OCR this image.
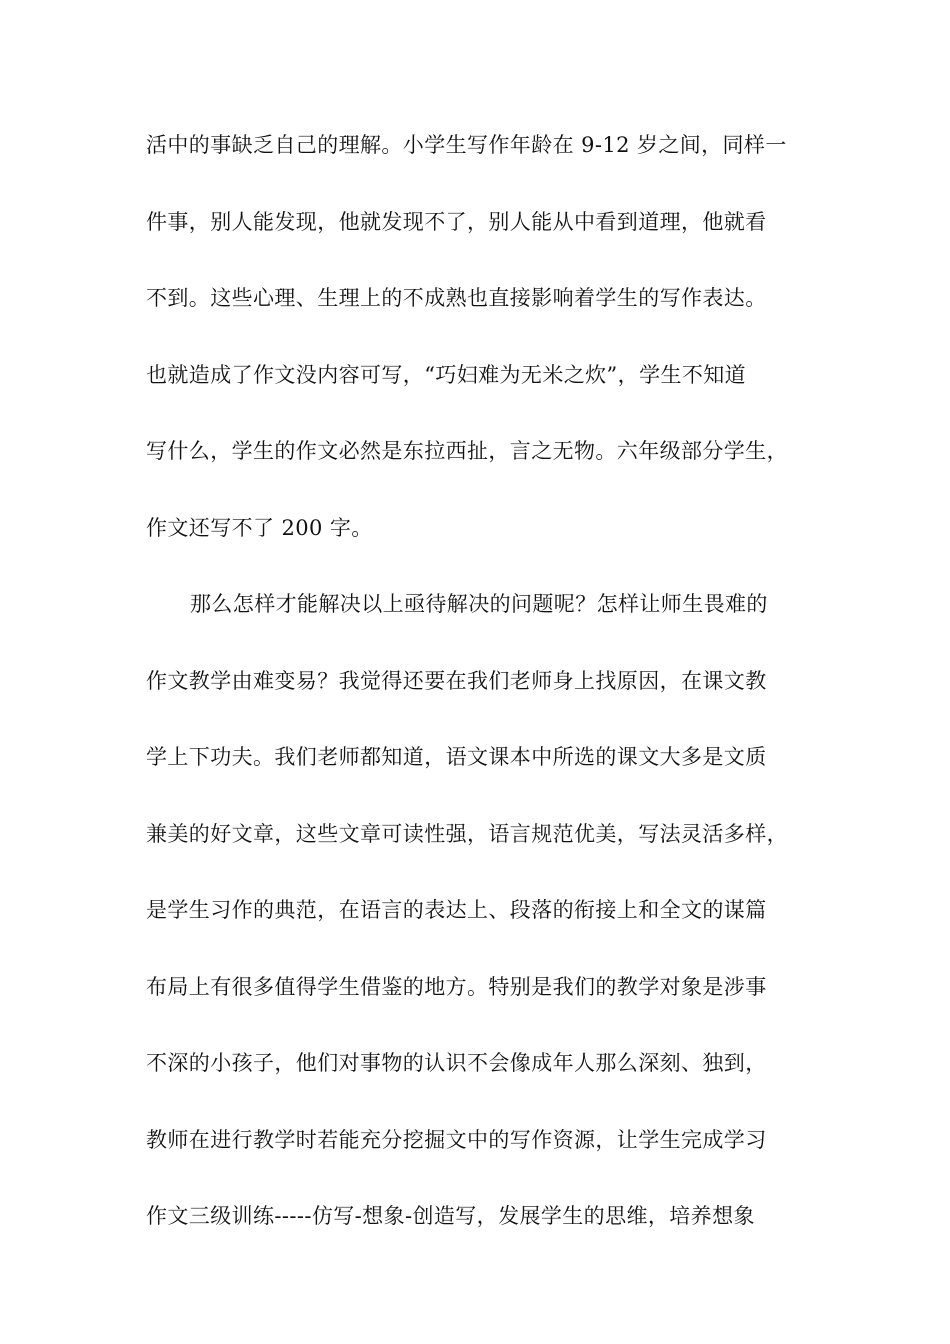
活中的事缺乏自己的理解。小学生写作年龄在 9-12 岁之间，同样一
件事，别人能发现，他就发现不了，别人能从中看到道理，他就看
不到。这些心理、生理上的不成熟也直接影响着学生的写作表达。
也就造成了作文没内容可写，“巧妇难为无米之炊”，学生不知道
写什么，学生的作文必然是东拉西扯，言之无物。六年级部分学生，
作文还写不了 200 字。
那么怎样才能解决以上亟待解决的问题呢？怎样让师生畏难的
作文教学由难变易？我觉得还要在我们老师身上找原因，在课文教
学上下功夫。我们老师都知道，语文课本中所选的课文大多是文质
兼美的好文章，这些文章可读性强，语言规范优美，写法灵活多样，
是学生习作的典范，在语言的表达上、段落的衔接上和全文的谋篇
布局上有很多值得学生借鉴的地方。特别是我们的教学对象是涉事
不深的小孩子，他们对事物的认识不会像成年人那么深刻、独到，
教师在进行教学时若能充分挖掘文中的写作资源，让学生完成学习
作文三级训练-----仿写-想象-创造写，发展学生的思维，培养想象
